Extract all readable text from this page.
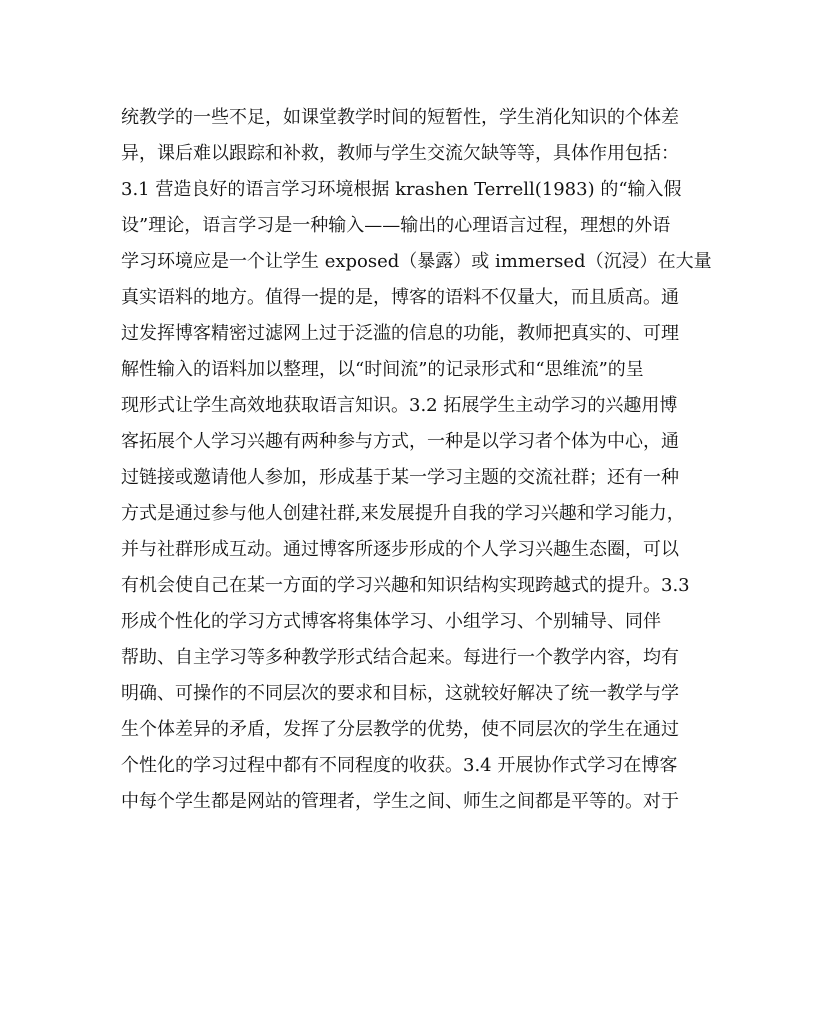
统教学的一些不足，如课堂教学时间的短暂性，学生消化知识的个体差
异，课后难以跟踪和补救，教师与学生交流欠缺等等，具体作用包括：
3.1 营造良好的语言学习环境根据 krashen Terrell(1983) 的“输入假
设”理论，语言学习是一种输入——输出的心理语言过程，理想的外语
学习环境应是一个让学生 exposed（暴露）或 immersed（沉浸）在大量
真实语料的地方。值得一提的是，博客的语料不仅量大，而且质高。通
过发挥博客精密过滤网上过于泛滥的信息的功能，教师把真实的、可理
解性输入的语料加以整理，以“时间流”的记录形式和“思维流”的呈
现形式让学生高效地获取语言知识。3.2 拓展学生主动学习的兴趣用博
客拓展个人学习兴趣有两种参与方式，一种是以学习者个体为中心，通
过链接或邀请他人参加，形成基于某一学习主题的交流社群；还有一种
方式是通过参与他人创建社群,来发展提升自我的学习兴趣和学习能力，
并与社群形成互动。通过博客所逐步形成的个人学习兴趣生态圈，可以
有机会使自己在某一方面的学习兴趣和知识结构实现跨越式的提升。3.3
形成个性化的学习方式博客将集体学习、小组学习、个别辅导、同伴
帮助、自主学习等多种教学形式结合起来。每进行一个教学内容，均有
明确、可操作的不同层次的要求和目标，这就较好解决了统一教学与学
生个体差异的矛盾，发挥了分层教学的优势，使不同层次的学生在通过
个性化的学习过程中都有不同程度的收获。3.4 开展协作式学习在博客
中每个学生都是网站的管理者，学生之间、师生之间都是平等的。对于
